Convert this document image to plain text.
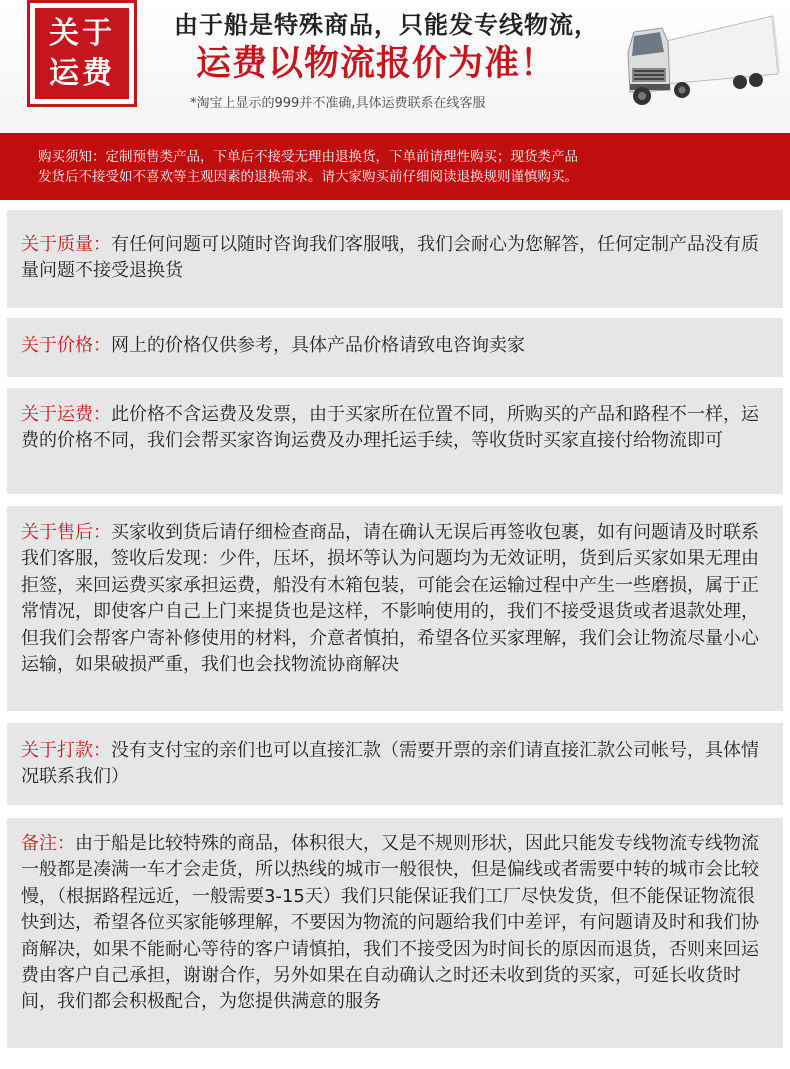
关于
运费
由于船是特殊商品，只能发专线物流，
运费以物流报价为准！
*淘宝上显示的999并不准确,具体运费联系在线客服
购买须知：定制预售类产品，下单后不接受无理由退换货，下单前请理性购买；现货类产品
发货后不接受如不喜欢等主观因素的退换需求。请大家购买前仔细阅读退换规则谨慎购买。
关于质量：有任何问题可以随时咨询我们客服哦，我们会耐心为您解答，任何定制产品没有质量问题不接受退换货
关于价格：网上的价格仅供参考，具体产品价格请致电咨询卖家
关于运费：此价格不含运费及发票，由于买家所在位置不同，所购买的产品和路程不一样，运费的价格不同，我们会帮买家咨询运费及办理托运手续，等收货时买家直接付给物流即可
关于售后：买家收到货后请仔细检查商品，请在确认无误后再签收包裹，如有问题请及时联系我们客服，签收后发现：少件，压坏，损坏等认为问题均为无效证明，货到后买家如果无理由拒签，来回运费买家承担运费，船没有木箱包装，可能会在运输过程中产生一些磨损，属于正常情况，即使客户自己上门来提货也是这样，不影响使用的，我们不接受退货或者退款处理，但我们会帮客户寄补修使用的材料，介意者慎拍，希望各位买家理解，我们会让物流尽量小心运输，如果破损严重，我们也会找物流协商解决
关于打款：没有支付宝的亲们也可以直接汇款（需要开票的亲们请直接汇款公司帐号，具体情况联系我们）
备注：由于船是比较特殊的商品，体积很大，又是不规则形状，因此只能发专线物流专线物流一般都是凑满一车才会走货，所以热线的城市一般很快，但是偏线或者需要中转的城市会比较慢，（根据路程远近，一般需要3-15天）我们只能保证我们工厂尽快发货，但不能保证物流很快到达，希望各位买家能够理解，不要因为物流的问题给我们中差评，有问题请及时和我们协商解决，如果不能耐心等待的客户请慎拍，我们不接受因为时间长的原因而退货，否则来回运费由客户自己承担，谢谢合作，另外如果在自动确认之时还未收到货的买家，可延长收货时间，我们都会积极配合，为您提供满意的服务
